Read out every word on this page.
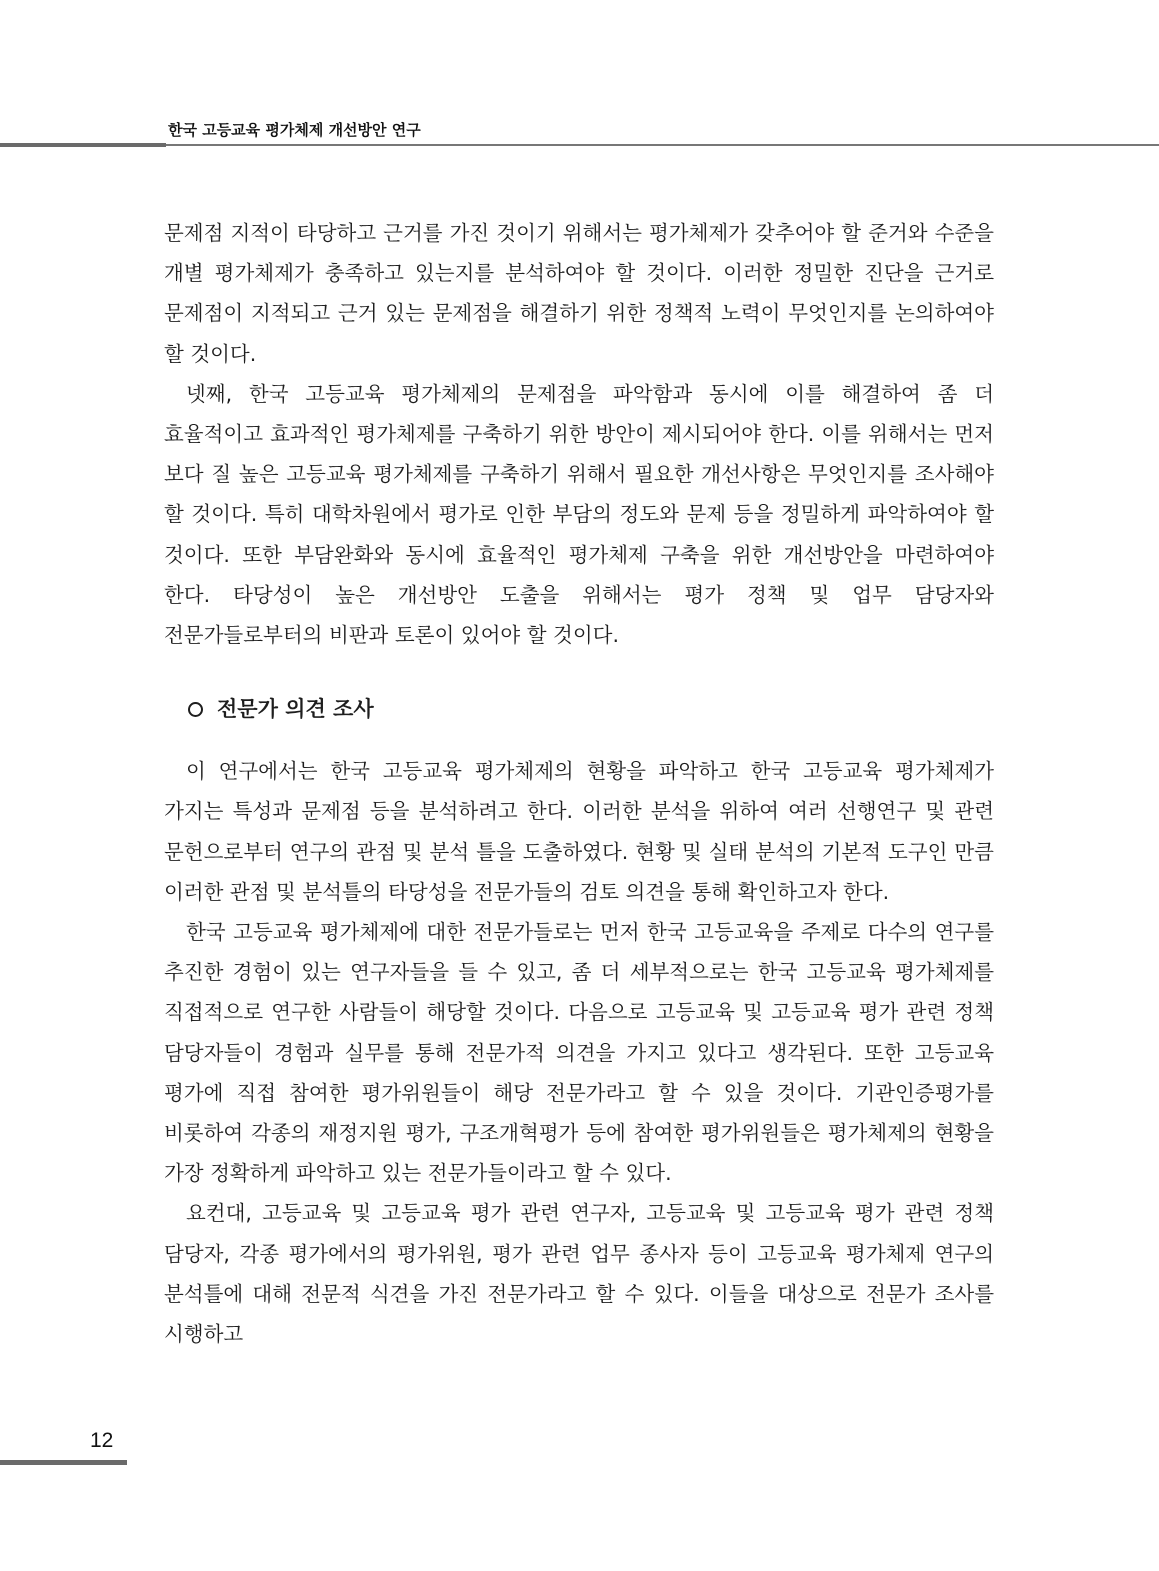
한국 고등교육 평가체제 개선방안 연구

문제점 지적이 타당하고 근거를 가진 것이기 위해서는 평가체제가 갖추어야 할 준거와 수준을 개별 평가체제가 충족하고 있는지를 분석하여야 할 것이다. 이러한 정밀한 진단을 근거로 문제점이 지적되고 근거 있는 문제점을 해결하기 위한 정책적 노력이 무엇인지를 논의하여야 할 것이다.

넷째, 한국 고등교육 평가체제의 문제점을 파악함과 동시에 이를 해결하여 좀 더 효율적이고 효과적인 평가체제를 구축하기 위한 방안이 제시되어야 한다. 이를 위해서는 먼저 보다 질 높은 고등교육 평가체제를 구축하기 위해서 필요한 개선사항은 무엇인지를 조사해야 할 것이다. 특히 대학차원에서 평가로 인한 부담의 정도와 문제 등을 정밀하게 파악하여야 할 것이다. 또한 부담완화와 동시에 효율적인 평가체제 구축을 위한 개선방안을 마련하여야 한다. 타당성이 높은 개선방안 도출을 위해서는 평가 정책 및 업무 담당자와 전문가들로부터의 비판과 토론이 있어야 할 것이다.

전문가 의견 조사

이 연구에서는 한국 고등교육 평가체제의 현황을 파악하고 한국 고등교육 평가체제가 가지는 특성과 문제점 등을 분석하려고 한다. 이러한 분석을 위하여 여러 선행연구 및 관련 문헌으로부터 연구의 관점 및 분석 틀을 도출하였다. 현황 및 실태 분석의 기본적 도구인 만큼 이러한 관점 및 분석틀의 타당성을 전문가들의 검토 의견을 통해 확인하고자 한다.

한국 고등교육 평가체제에 대한 전문가들로는 먼저 한국 고등교육을 주제로 다수의 연구를 추진한 경험이 있는 연구자들을 들 수 있고, 좀 더 세부적으로는 한국 고등교육 평가체제를 직접적으로 연구한 사람들이 해당할 것이다. 다음으로 고등교육 및 고등교육 평가 관련 정책 담당자들이 경험과 실무를 통해 전문가적 의견을 가지고 있다고 생각된다. 또한 고등교육 평가에 직접 참여한 평가위원들이 해당 전문가라고 할 수 있을 것이다. 기관인증평가를 비롯하여 각종의 재정지원 평가, 구조개혁평가 등에 참여한 평가위원들은 평가체제의 현황을 가장 정확하게 파악하고 있는 전문가들이라고 할 수 있다.

요컨대, 고등교육 및 고등교육 평가 관련 연구자, 고등교육 및 고등교육 평가 관련 정책 담당자, 각종 평가에서의 평가위원, 평가 관련 업무 종사자 등이 고등교육 평가체제 연구의 분석틀에 대해 전문적 식견을 가진 전문가라고 할 수 있다. 이들을 대상으로 전문가 조사를 시행하고

12
